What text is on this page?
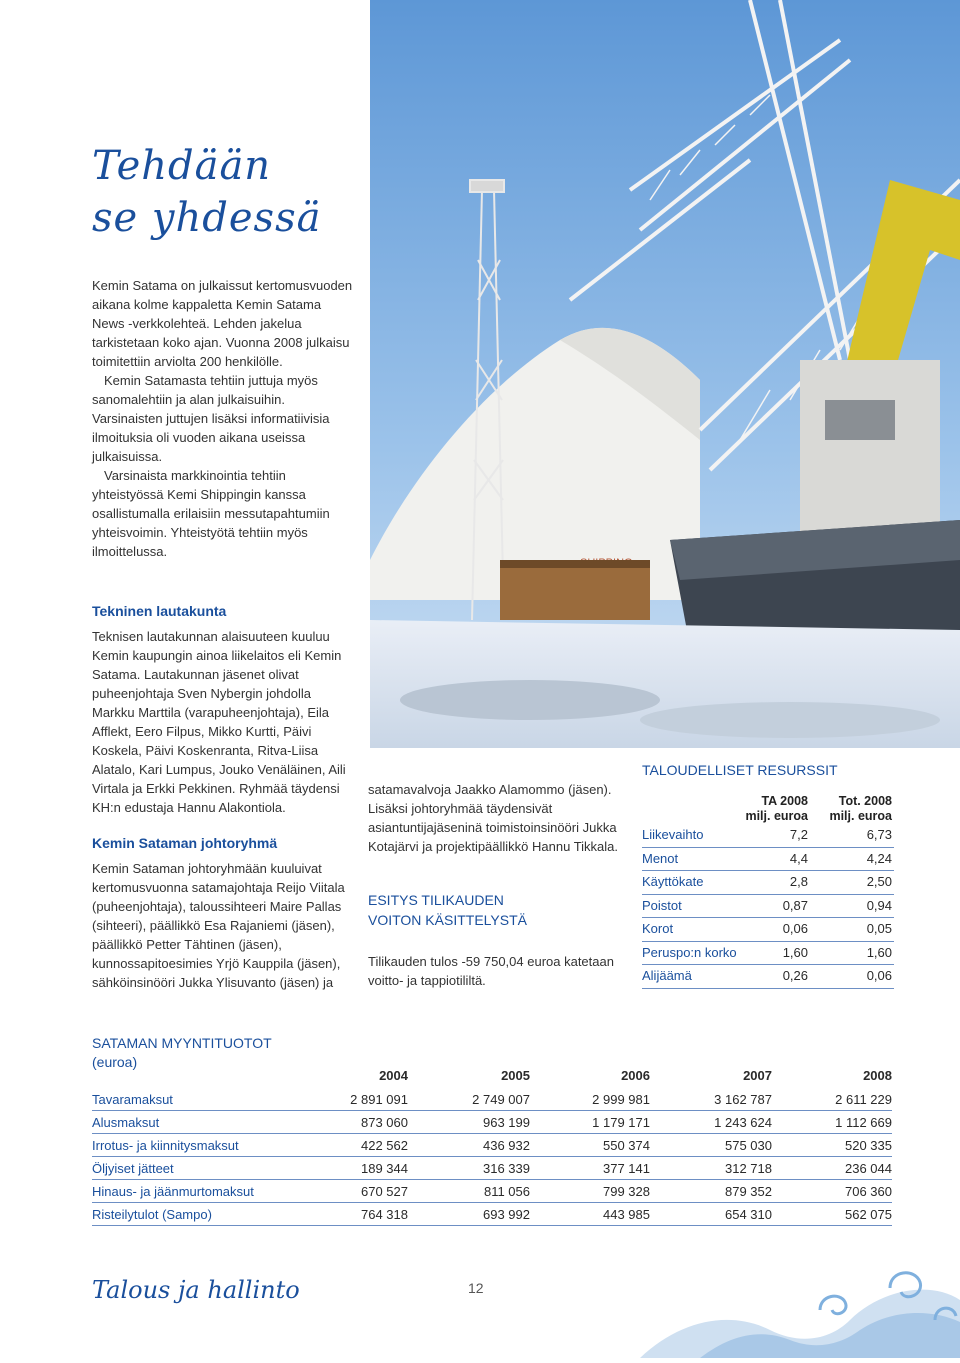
Tehdään
se yhdessä

Kemin Satama on julkaissut kertomusvuoden aikana kolme kappaletta Kemin Satama News -verkkolehteä. Lehden jakelua tarkistetaan koko ajan. Vuonna 2008 julkaisu toimitettiin arviolta 200 henkilölle.

Kemin Satamasta tehtiin juttuja myös sanomalehtiin ja alan julkaisuihin. Varsinaisten juttujen lisäksi informatiivisia ilmoituksia oli vuoden aikana useissa julkaisuissa.

Varsinaista markkinointia tehtiin yhteistyössä Kemi Shippingin kanssa osallistumalla erilaisiin messutapahtumiin yhteisvoimin. Yhteistyötä tehtiin myös ilmoittelussa.

Tekninen lautakunta

Teknisen lautakunnan alaisuuteen kuuluu Kemin kaupungin ainoa liikelaitos eli Kemin Satama. Lautakunnan jäsenet olivat puheenjohtaja Sven Nybergin johdolla Markku Marttila (varapuheenjohtaja), Eila Afflekt, Eero Filpus, Mikko Kurtti, Päivi Koskela, Päivi Koskenranta, Ritva-Liisa Alatalo, Kari Lumpus, Jouko Venäläinen, Aili Virtala ja Erkki Pekkinen. Ryhmää täydensi KH:n edustaja Hannu Alakontiola.

Kemin Sataman johtoryhmä

Kemin Sataman johtoryhmään kuuluivat kertomusvuonna satamajohtaja Reijo Viitala (puheenjohtaja), taloussihteeri Maire Pallas (sihteeri), päällikkö Esa Rajaniemi (jäsen), päällikkö Petter Tähtinen (jäsen), kunnossapitoesimies Yrjö Kauppila (jäsen), sähköinsinööri Jukka Ylisuvanto (jäsen) ja

satamavalvoja Jaakko Alamommo (jäsen). Lisäksi johtoryhmää täydensivät asiantuntijajäseninä toimistoinsinööri Jukka Kotajärvi ja projektipäällikkö Hannu Tikkala.

ESITYS TILIKAUDEN
VOITON KÄSITTELYSTÄ

Tilikauden tulos -59 750,04 euroa katetaan voitto- ja tappiotililtä.

TALOUDELLISET RESURSSIT
TA 2008
milj. euroa
Tot. 2008
milj. euroa
Liikevaihto	7,2	6,73
Menot	4,4	4,24
Käyttökate	2,8	2,50
Poistot	0,87	0,94
Korot	0,06	0,05
Peruspo:n korko	1,60	1,60
Alijäämä	0,26	0,06
SATAMAN MYYNTITUOTOT
(euroa)
2004	2005	2006	2007	2008
Tavaramaksut	2 891 091	2 749 007	2 999 981	3 162 787	2 611 229
Alusmaksut	873 060	963 199	1 179 171	1 243 624	1 112 669
Irrotus- ja kiinnitysmaksut	422 562	436 932	550 374	575 030	520 335
Öljyiset jätteet	189 344	316 339	377 141	312 718	236 044
Hinaus- ja jäänmurtomaksut	670 527	811 056	799 328	879 352	706 360
Risteilytulot (Sampo)	764 318	693 992	443 985	654 310	562 075
Talous ja hallinto	12
